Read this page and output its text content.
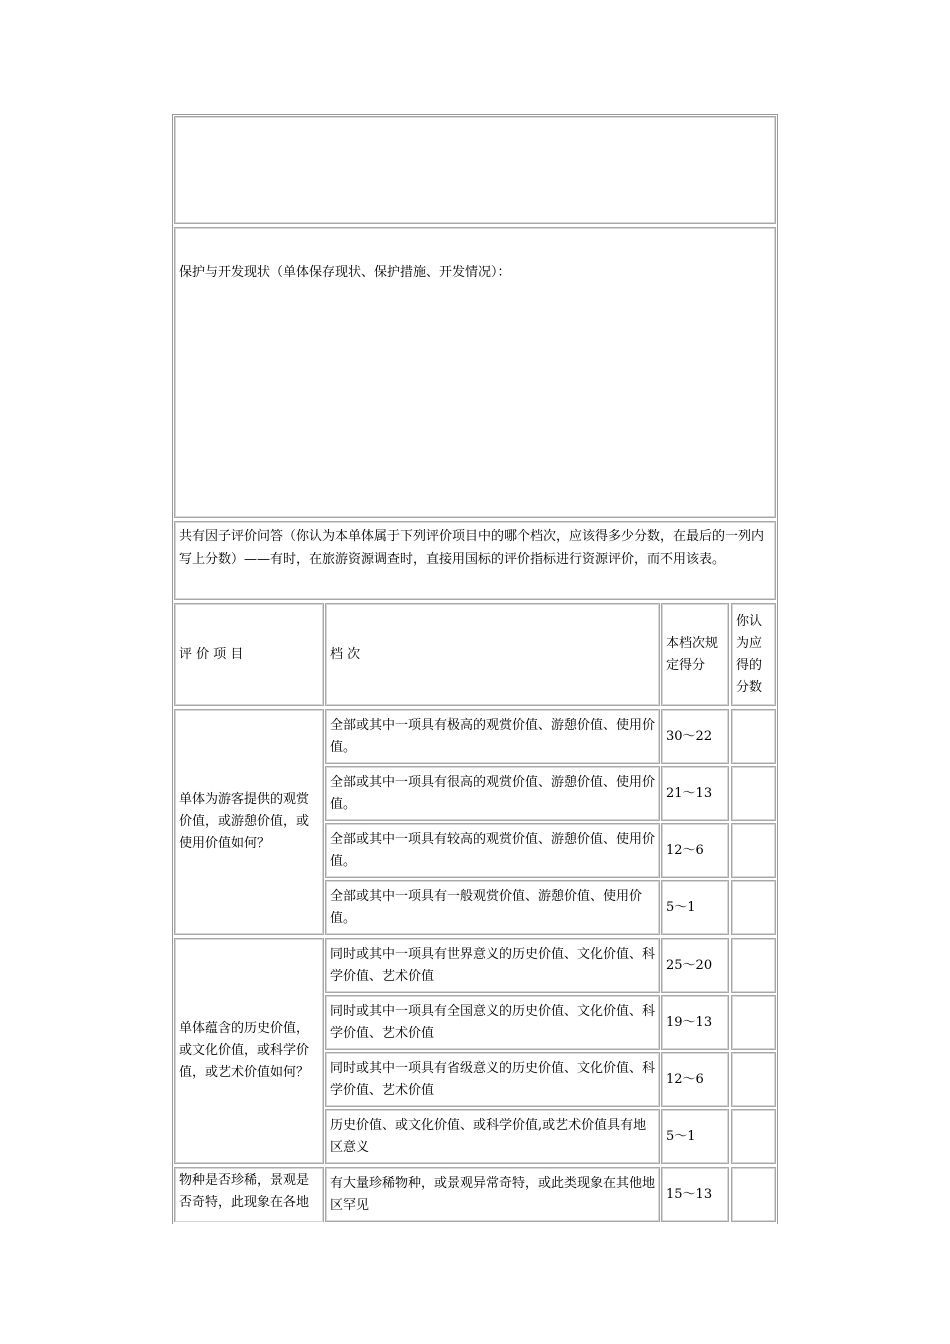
保护与开发现状（单体保存现状、保护措施、开发情况）：
共有因子评价问答（你认为本单体属于下列评价项目中的哪个档次，应该得多少分数，在最后的一列内写上分数）——有时，在旅游资源调查时，直接用国标的评价指标进行资源评价，而不用该表。
评 价 项 目	档 次
本档次规定得分
你认为应得的分数
单体为游客提供的观赏价值，或游憩价值，或使用价值如何？
全部或其中一项具有极高的观赏价值、游憩价值、使用价值。
30～22
全部或其中一项具有很高的观赏价值、游憩价值、使用价值。
21～13
全部或其中一项具有较高的观赏价值、游憩价值、使用价值。
12～6
全部或其中一项具有一般观赏价值、游憩价值、使用价值。
5～1
单体蕴含的历史价值，或文化价值，或科学价值，或艺术价值如何？
同时或其中一项具有世界意义的历史价值、文化价值、科学价值、艺术价值
25～20
同时或其中一项具有全国意义的历史价值、文化价值、科学价值、艺术价值
19～13
同时或其中一项具有省级意义的历史价值、文化价值、科学价值、艺术价值
12～6
历史价值、或文化价值、或科学价值,或艺术价值具有地区意义
5～1
物种是否珍稀，景观是否奇特，此现象在各地
有大量珍稀物种，或景观异常奇特，或此类现象在其他地区罕见
15～13
